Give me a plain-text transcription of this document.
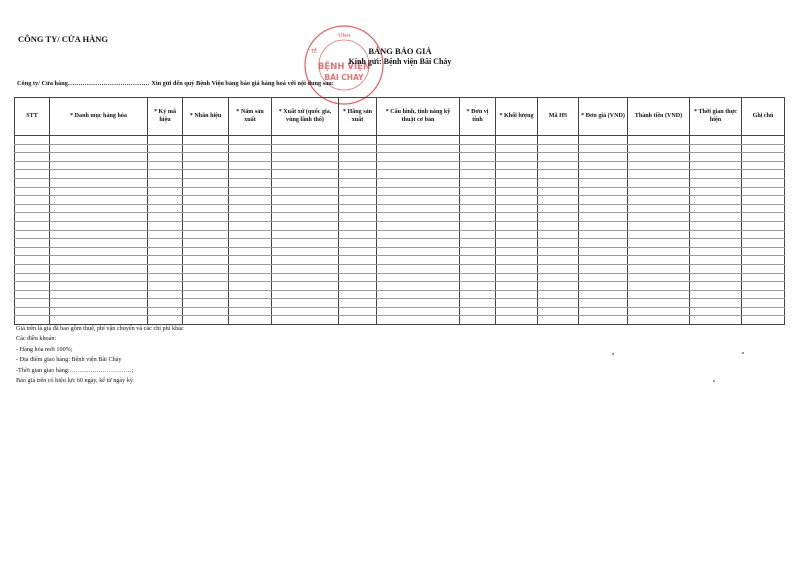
CÔNG TY/ CỬA HÀNG	TỈNH
TẾ
BỆNH VIỆN
BÃI CHÁY
BẢNG BÁO GIÁ
Kính gửi: Bệnh viện Bãi Cháy
Công ty/ Cửa hàng………………………………… Xin gửi đến quý Bệnh Viện bảng báo giá hàng hoá với nội dung sau:
STT	* Danh mục hàng hóa	* Ký mã hiệu	* Nhãn hiệu	* Năm sản xuất	* Xuất xứ (quốc gia, vùng lãnh thổ)	* Hãng sản xuất	* Cấu hình, tính năng kỹ thuật cơ bản	* Đơn vị tính	* Khối lượng	Mã HS	* Đơn giá (VND)	Thành tiền (VND)	* Thời gian thực hiện	Ghi chú

Giá trên là giá đã bao gồm thuế, phí vận chuyển và các chi phí khác
Các điều khoản:
- Hàng hóa mới 100%;
- Địa điểm giao hàng: Bệnh viện Bãi Cháy
-Thời gian giao hàng:…………………………;
Báo giá trên có hiệu lực 60 ngày, kể từ ngày ký.
